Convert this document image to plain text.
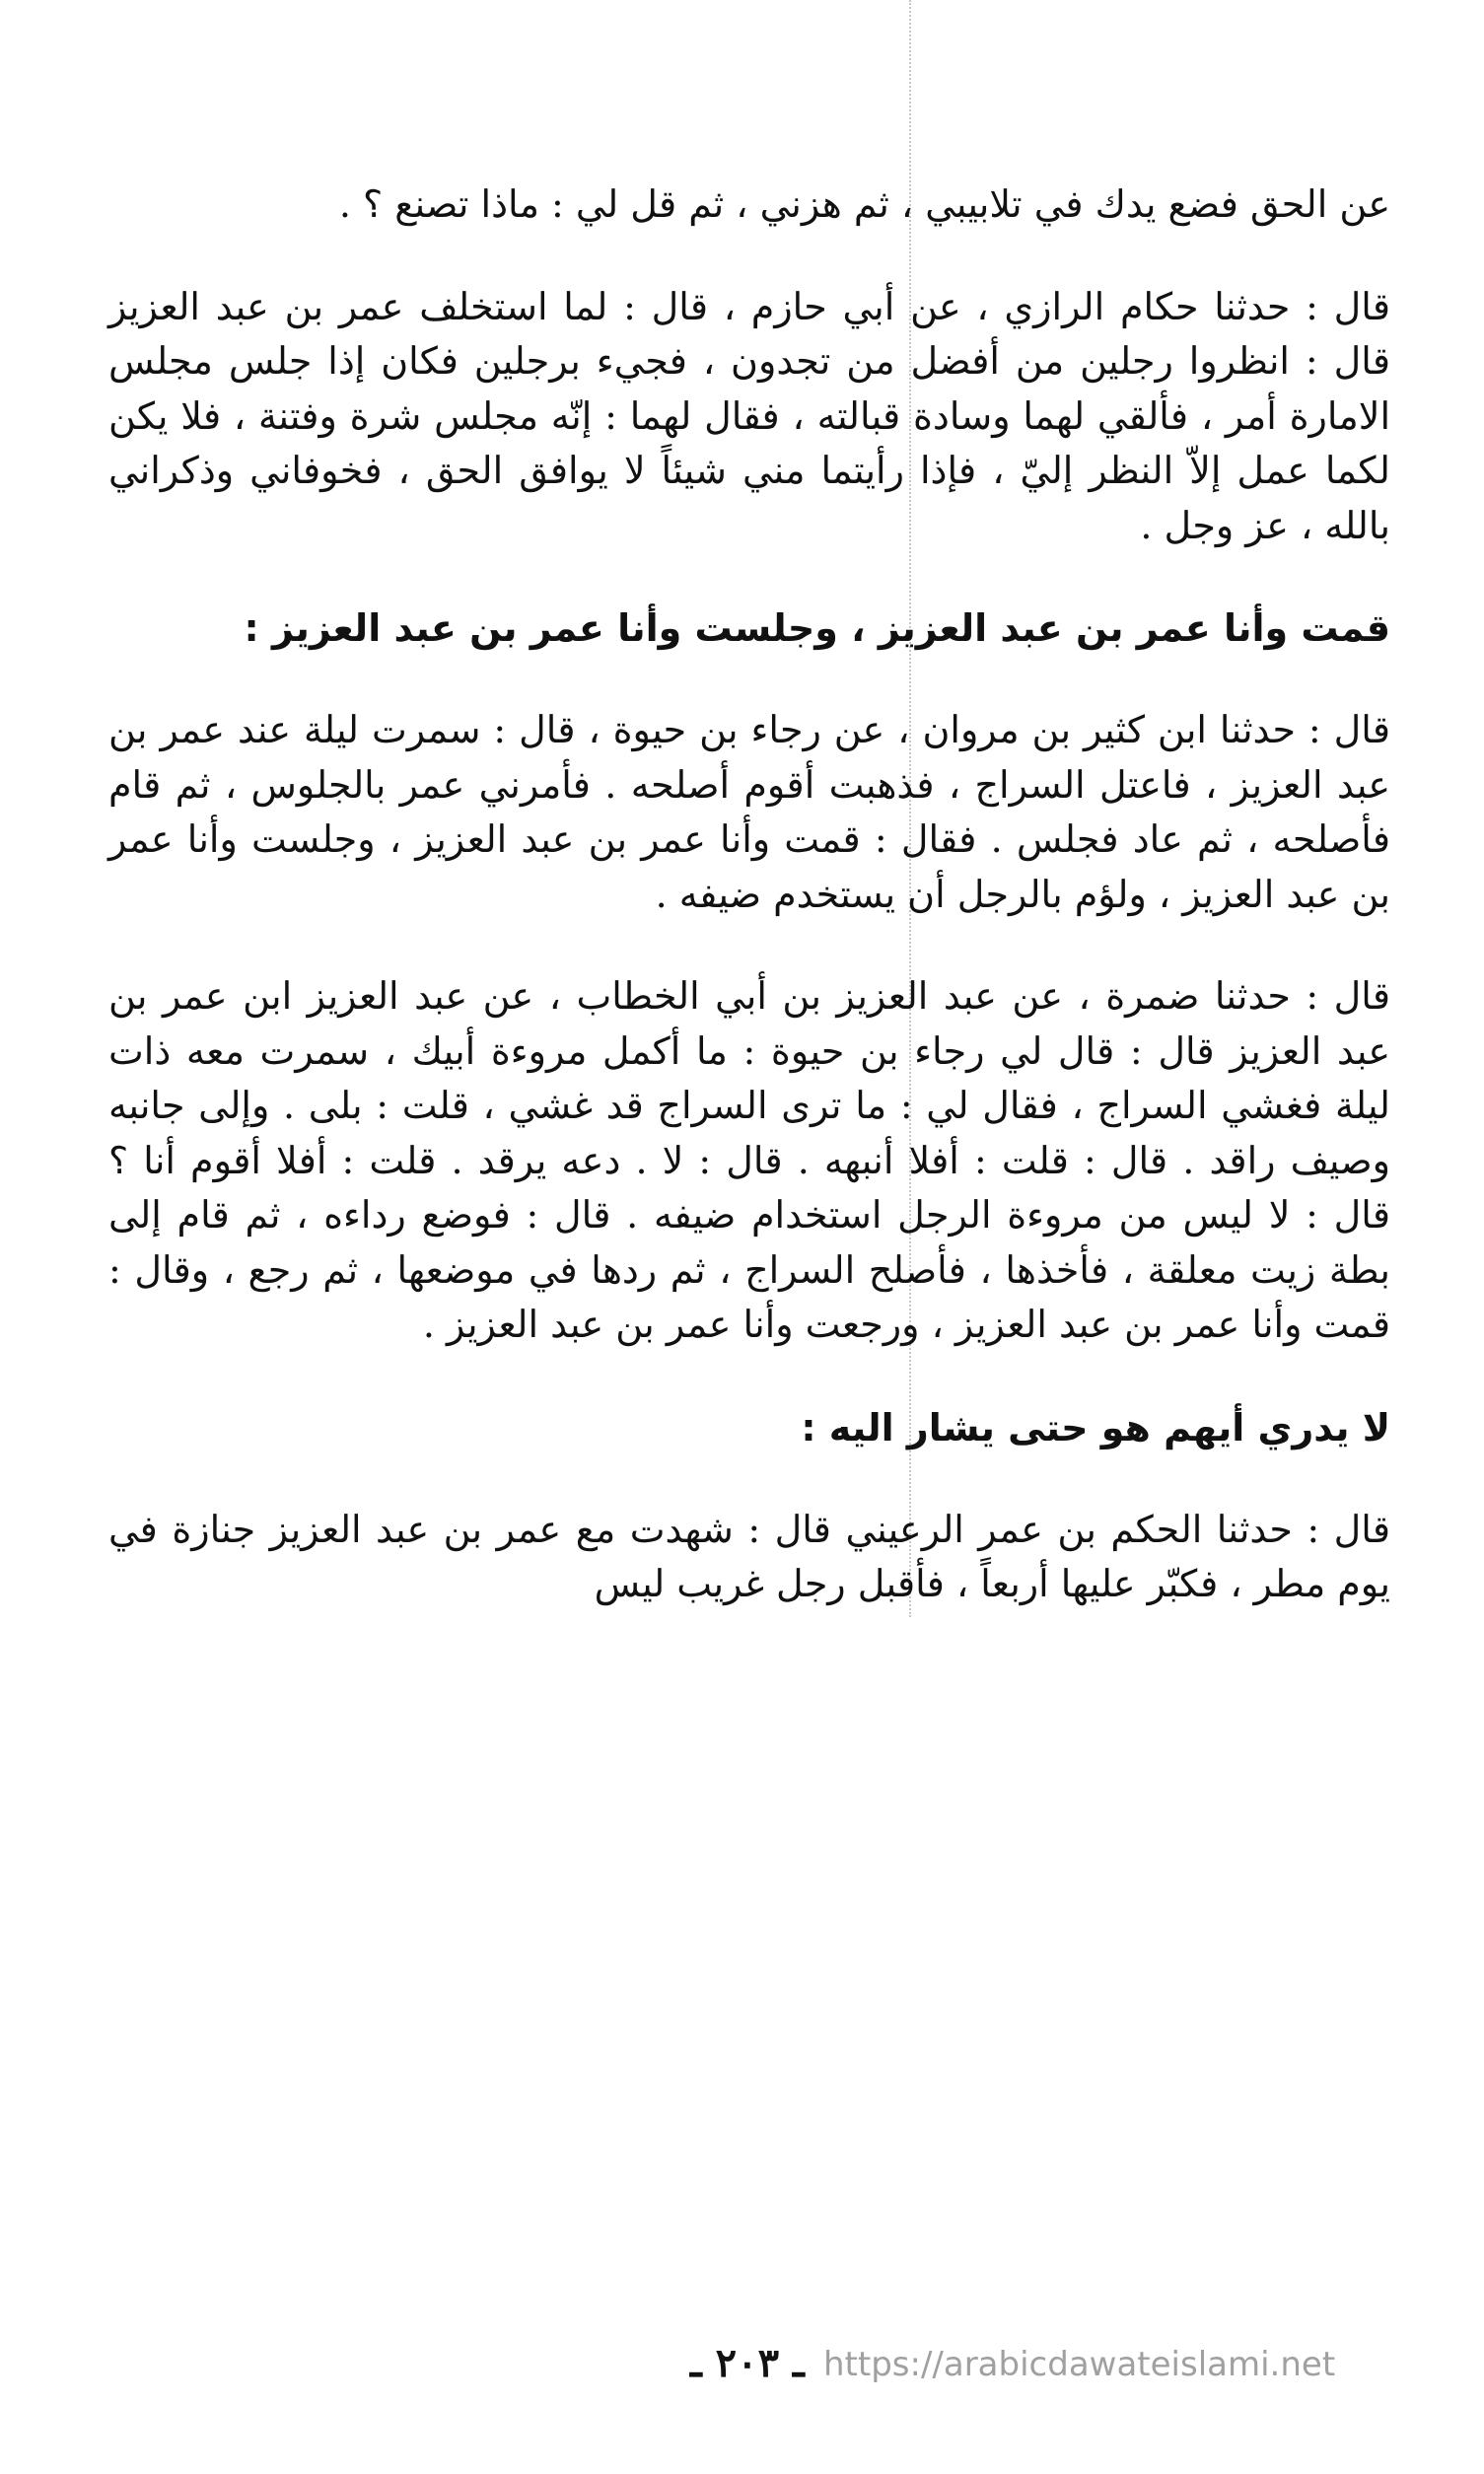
عن الحق فضع يدك في تلابيبي ، ثم هزني ، ثم قل لي : ماذا تصنع ؟ .

قال : حدثنا حكام الرازي ، عن أبي حازم ، قال : لما استخلف عمر بن عبد العزيز قال : انظروا رجلين من أفضل من تجدون ، فجيء برجلين فكان إذا جلس مجلس الامارة أمر ، فألقي لهما وسادة قبالته ، فقال لهما : إنّه مجلس شرة وفتنة ، فلا يكن لكما عمل إلاّ النظر إليّ ، فإذا رأيتما مني شيئاً لا يوافق الحق ، فخوفاني وذكراني بالله ، عز وجل .

قمت وأنا عمر بن عبد العزيز ، وجلست وأنا عمر بن عبد العزيز :

قال : حدثنا ابن كثير بن مروان ، عن رجاء بن حيوة ، قال : سمرت ليلة عند عمر بن عبد العزيز ، فاعتل السراج ، فذهبت أقوم أصلحه . فأمرني عمر بالجلوس ، ثم قام فأصلحه ، ثم عاد فجلس . فقال : قمت وأنا عمر بن عبد العزيز ، وجلست وأنا عمر بن عبد العزيز ، ولؤم بالرجل أن يستخدم ضيفه .

قال : حدثنا ضمرة ، عن عبد العزيز بن أبي الخطاب ، عن عبد العزيز ابن عمر بن عبد العزيز قال : قال لي رجاء بن حيوة : ما أكمل مروءة أبيك ، سمرت معه ذات ليلة فغشي السراج ، فقال لي : ما ترى السراج قد غشي ، قلت : بلى . وإلى جانبه وصيف راقد . قال : قلت : أفلا أنبهه . قال : لا . دعه يرقد . قلت : أفلا أقوم أنا ؟ قال : لا ليس من مروءة الرجل استخدام ضيفه . قال : فوضع رداءه ، ثم قام إلى بطة زيت معلقة ، فأخذها ، فأصلح السراج ، ثم ردها في موضعها ، ثم رجع ، وقال : قمت وأنا عمر بن عبد العزيز ، ورجعت وأنا عمر بن عبد العزيز .

لا يدري أيهم هو حتى يشار اليه :

قال : حدثنا الحكم بن عمر الرعيني قال : شهدت مع عمر بن عبد العزيز جنازة في يوم مطر ، فكبّر عليها أربعاً ، فأقبل رجل غريب ليس

ـ ٢٠٣ ـ https://arabicdawateislami.net
